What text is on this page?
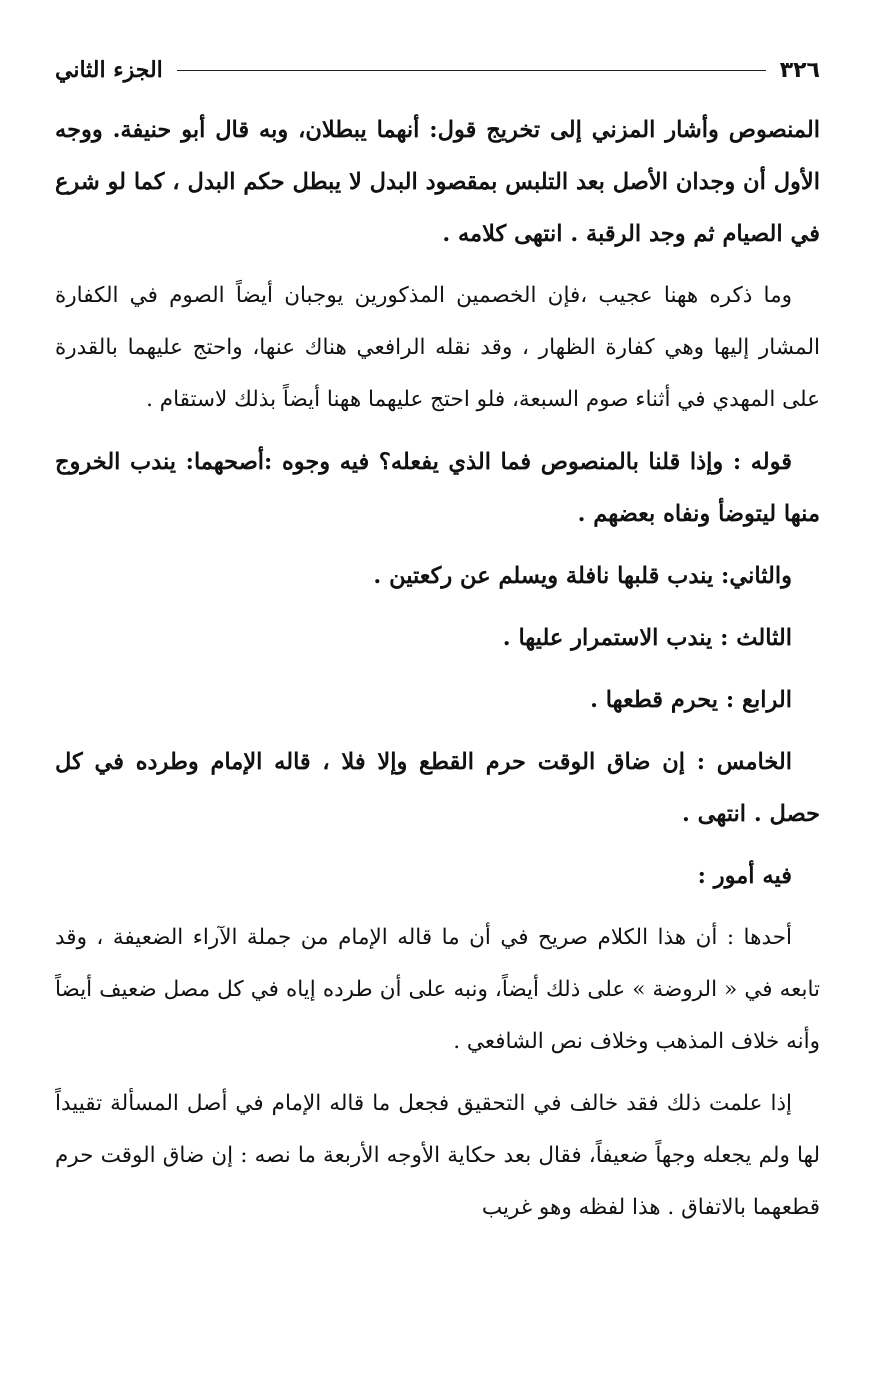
٣٢٦
الجزء الثاني

المنصوص وأشار المزني إلى تخريج قول: أنهما يبطلان، وبه قال أبو حنيفة. ووجه الأول أن وجدان الأصل بعد التلبس بمقصود البدل لا يبطل حكم البدل ، كما لو شرع في الصيام ثم وجد الرقبة . انتهى كلامه .

وما ذكره ههنا عجيب ،فإن الخصمين المذكورين يوجبان أيضاً الصوم في الكفارة المشار إليها وهي كفارة الظهار ، وقد نقله الرافعي هناك عنها، واحتج عليهما بالقدرة على المهدي في أثناء صوم السبعة، فلو احتج عليهما ههنا أيضاً بذلك لاستقام .

قوله : وإذا قلنا بالمنصوص فما الذي يفعله؟ فيه وجوه :أصحهما: يندب الخروج منها ليتوضأ ونفاه بعضهم .

والثاني: يندب قلبها نافلة ويسلم عن ركعتين .

الثالث : يندب الاستمرار عليها .

الرابع : يحرم قطعها .

الخامس : إن ضاق الوقت حرم القطع وإلا فلا ، قاله الإمام وطرده في كل حصل . انتهى .

فيه أمور :

أحدها : أن هذا الكلام صريح في أن ما قاله الإمام من جملة الآراء الضعيفة ، وقد تابعه في « الروضة » على ذلك أيضاً، ونبه على أن طرده إياه في كل مصل ضعيف أيضاً وأنه خلاف المذهب وخلاف نص الشافعي .

إذا علمت ذلك فقد خالف في التحقيق فجعل ما قاله الإمام في أصل المسألة تقييداً لها ولم يجعله وجهاً ضعيفاً، فقال بعد حكاية الأوجه الأربعة ما نصه : إن ضاق الوقت حرم قطعهما بالاتفاق . هذا لفظه وهو غريب
